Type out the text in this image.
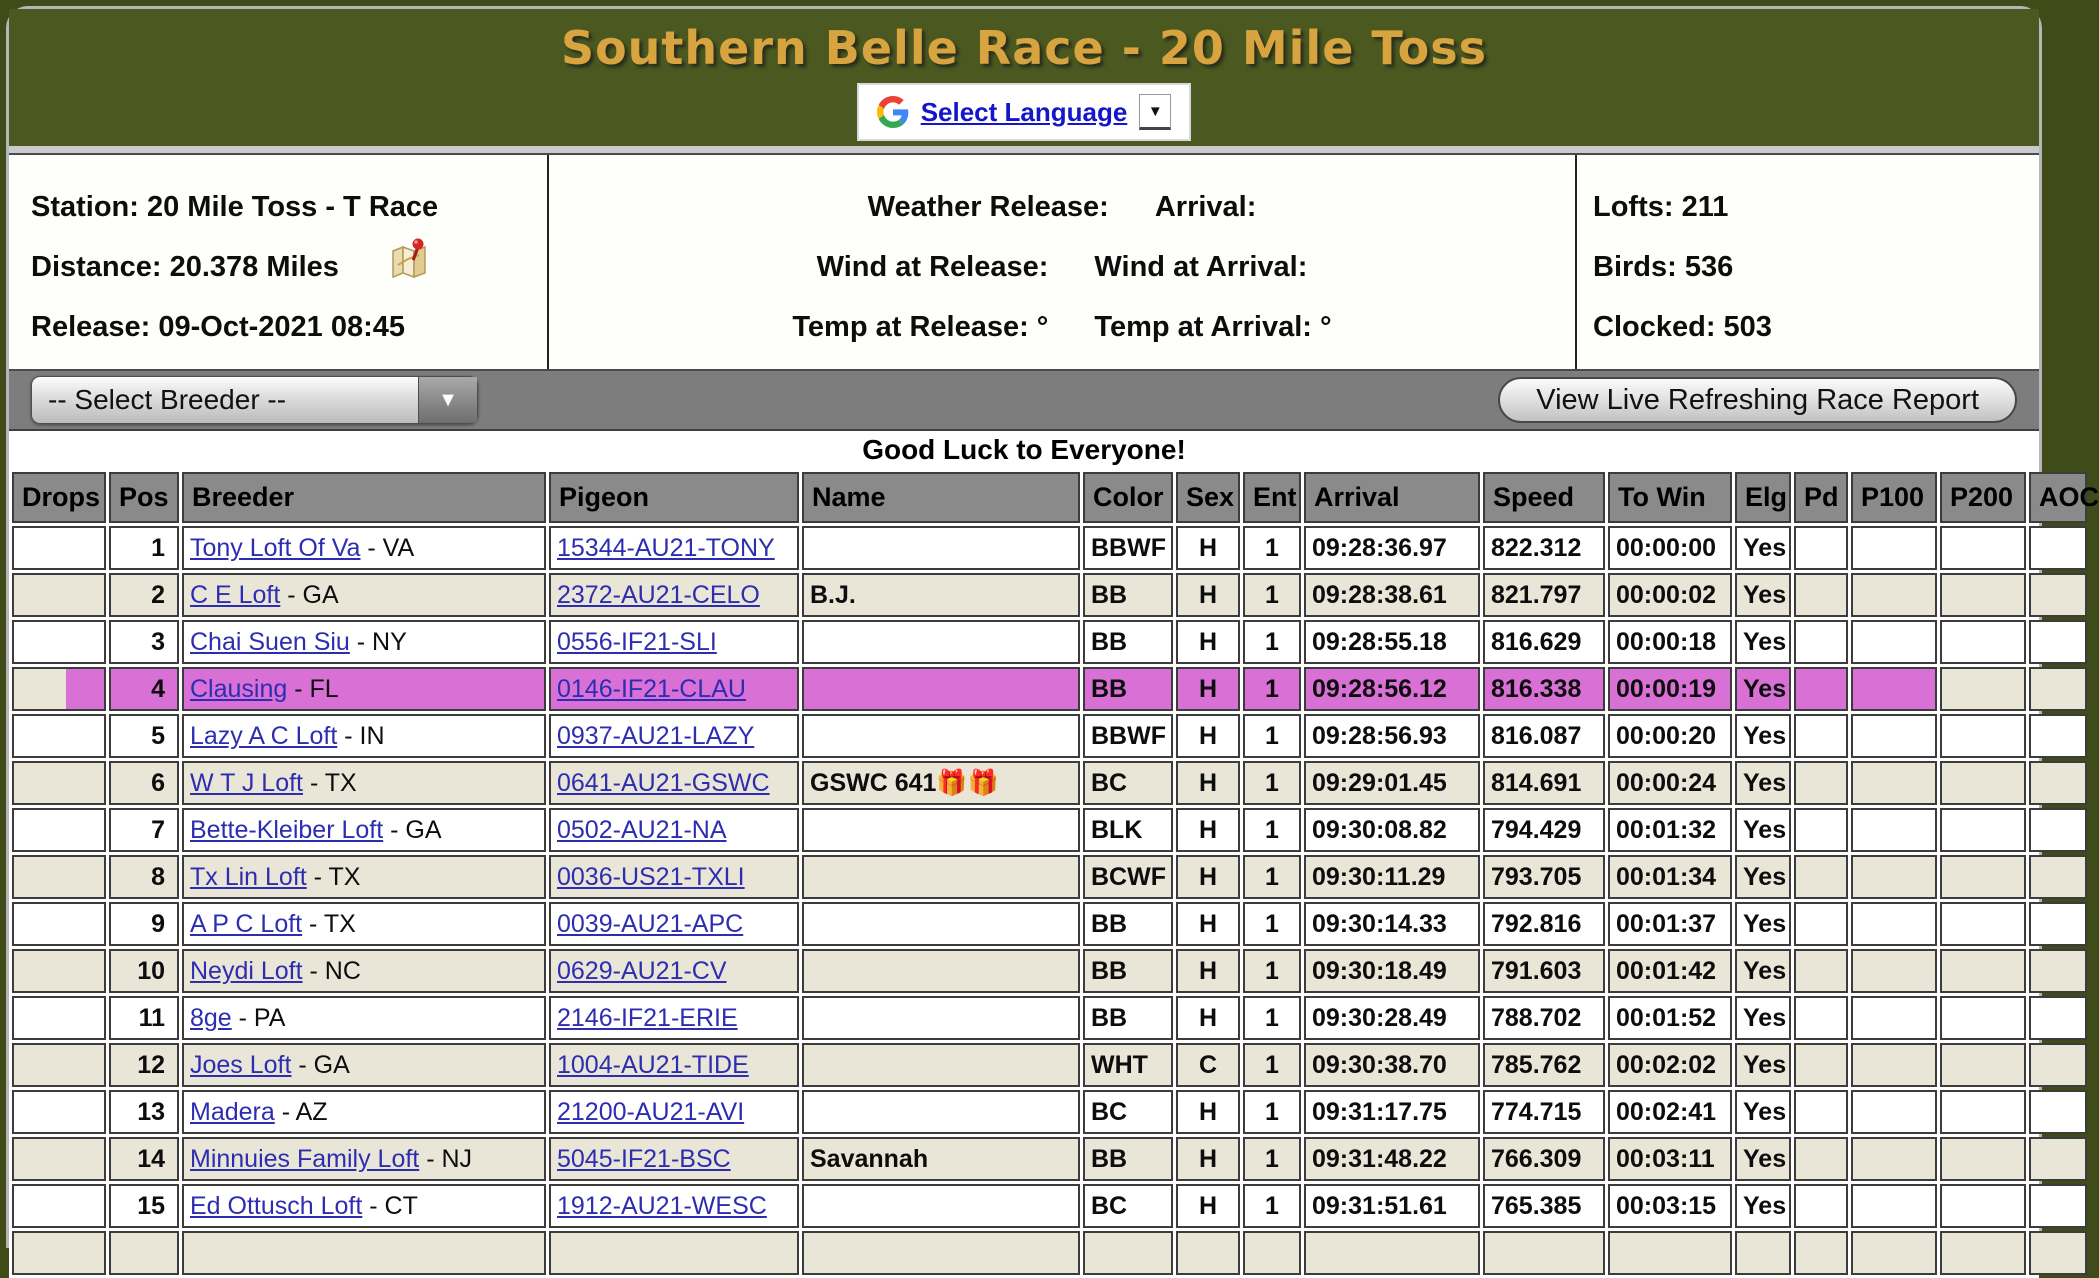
Southern Belle Race - 20 Mile Toss
Select Language	▼
Station: 20 Mile Toss - T Race
Distance: 20.378 Miles
Release: 09-Oct-2021 08:45
Weather Release: Arrival:
Wind at Release: Wind at Arrival:
Temp at Release: ° Temp at Arrival: °
Lofts: 211
Birds: 536
Clocked: 503
-- Select Breeder --	▼	View Live Refreshing Race Report
Good Luck to Everyone!
Drops	Pos	Breeder	Pigeon	Name	Color	Sex	Ent	Arrival	Speed	To Win	Elg	Pd	P100	P200	AOC
	1	Tony Loft Of Va - VA	15344-AU21-TONY		BBWF	H	1	09:28:36.97	822.312	00:00:00	Yes				
	2	C E Loft - GA	2372-AU21-CELO	B.J.	BB	H	1	09:28:38.61	821.797	00:00:02	Yes				
	3	Chai Suen Siu - NY	0556-IF21-SLI		BB	H	1	09:28:55.18	816.629	00:00:18	Yes				
	4	Clausing - FL	0146-IF21-CLAU		BB	H	1	09:28:56.12	816.338	00:00:19	Yes				
	5	Lazy A C Loft - IN	0937-AU21-LAZY		BBWF	H	1	09:28:56.93	816.087	00:00:20	Yes				
	6	W T J Loft - TX	0641-AU21-GSWC	GSWC 641🎁🎁	BC	H	1	09:29:01.45	814.691	00:00:24	Yes				
	7	Bette-Kleiber Loft - GA	0502-AU21-NA		BLK	H	1	09:30:08.82	794.429	00:01:32	Yes				
	8	Tx Lin Loft - TX	0036-US21-TXLI		BCWF	H	1	09:30:11.29	793.705	00:01:34	Yes				
	9	A P C Loft - TX	0039-AU21-APC		BB	H	1	09:30:14.33	792.816	00:01:37	Yes				
	10	Neydi Loft - NC	0629-AU21-CV		BB	H	1	09:30:18.49	791.603	00:01:42	Yes				
	11	8ge - PA	2146-IF21-ERIE		BB	H	1	09:30:28.49	788.702	00:01:52	Yes				
	12	Joes Loft - GA	1004-AU21-TIDE		WHT	C	1	09:30:38.70	785.762	00:02:02	Yes				
	13	Madera - AZ	21200-AU21-AVI		BC	H	1	09:31:17.75	774.715	00:02:41	Yes				
	14	Minnuies Family Loft - NJ	5045-IF21-BSC	Savannah	BB	H	1	09:31:48.22	766.309	00:03:11	Yes				
	15	Ed Ottusch Loft - CT	1912-AU21-WESC		BC	H	1	09:31:51.61	765.385	00:03:15	Yes				
